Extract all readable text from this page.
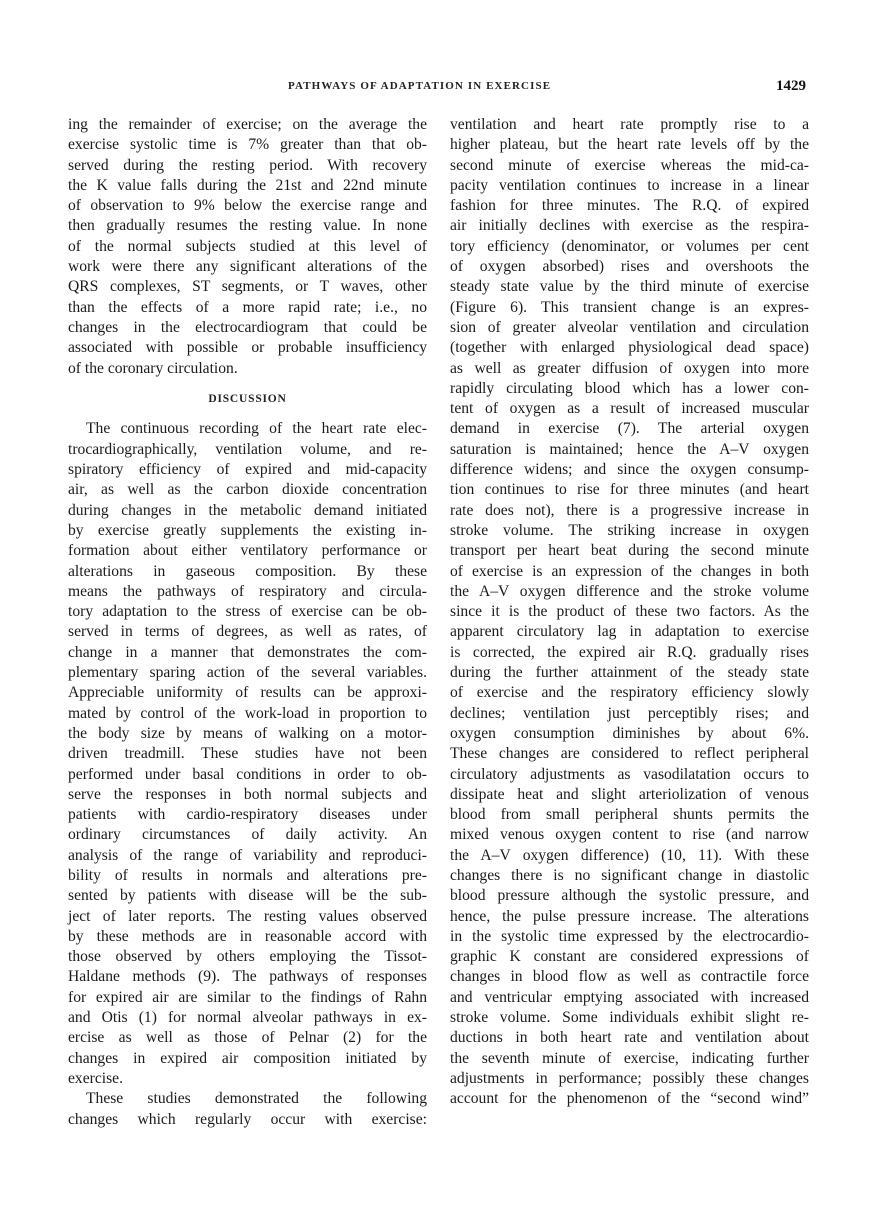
PATHWAYS OF ADAPTATION IN EXERCISE	1429
ing the remainder of exercise; on the average the
exercise systolic time is 7% greater than that ob-
served during the resting period. With recovery
the K value falls during the 21st and 22nd minute
of observation to 9% below the exercise range and
then gradually resumes the resting value. In none
of the normal subjects studied at this level of
work were there any significant alterations of the
QRS complexes, ST segments, or T waves, other
than the effects of a more rapid rate; i.e., no
changes in the electrocardiogram that could be
associated with possible or probable insufficiency
of the coronary circulation.
DISCUSSION
The continuous recording of the heart rate elec-
trocardiographically, ventilation volume, and re-
spiratory efficiency of expired and mid-capacity
air, as well as the carbon dioxide concentration
during changes in the metabolic demand initiated
by exercise greatly supplements the existing in-
formation about either ventilatory performance or
alterations in gaseous composition. By these
means the pathways of respiratory and circula-
tory adaptation to the stress of exercise can be ob-
served in terms of degrees, as well as rates, of
change in a manner that demonstrates the com-
plementary sparing action of the several variables.
Appreciable uniformity of results can be approxi-
mated by control of the work-load in proportion to
the body size by means of walking on a motor-
driven treadmill. These studies have not been
performed under basal conditions in order to ob-
serve the responses in both normal subjects and
patients with cardio-respiratory diseases under
ordinary circumstances of daily activity. An
analysis of the range of variability and reproduci-
bility of results in normals and alterations pre-
sented by patients with disease will be the sub-
ject of later reports. The resting values observed
by these methods are in reasonable accord with
those observed by others employing the Tissot-
Haldane methods (9). The pathways of responses
for expired air are similar to the findings of Rahn
and Otis (1) for normal alveolar pathways in ex-
ercise as well as those of Pelnar (2) for the
changes in expired air composition initiated by
exercise.
These studies demonstrated the following
changes which regularly occur with exercise:
ventilation and heart rate promptly rise to a
higher plateau, but the heart rate levels off by the
second minute of exercise whereas the mid-ca-
pacity ventilation continues to increase in a linear
fashion for three minutes. The R.Q. of expired
air initially declines with exercise as the respira-
tory efficiency (denominator, or volumes per cent
of oxygen absorbed) rises and overshoots the
steady state value by the third minute of exercise
(Figure 6). This transient change is an expres-
sion of greater alveolar ventilation and circulation
(together with enlarged physiological dead space)
as well as greater diffusion of oxygen into more
rapidly circulating blood which has a lower con-
tent of oxygen as a result of increased muscular
demand in exercise (7). The arterial oxygen
saturation is maintained; hence the A–V oxygen
difference widens; and since the oxygen consump-
tion continues to rise for three minutes (and heart
rate does not), there is a progressive increase in
stroke volume. The striking increase in oxygen
transport per heart beat during the second minute
of exercise is an expression of the changes in both
the A–V oxygen difference and the stroke volume
since it is the product of these two factors. As the
apparent circulatory lag in adaptation to exercise
is corrected, the expired air R.Q. gradually rises
during the further attainment of the steady state
of exercise and the respiratory efficiency slowly
declines; ventilation just perceptibly rises; and
oxygen consumption diminishes by about 6%.
These changes are considered to reflect peripheral
circulatory adjustments as vasodilatation occurs to
dissipate heat and slight arteriolization of venous
blood from small peripheral shunts permits the
mixed venous oxygen content to rise (and narrow
the A–V oxygen difference) (10, 11). With these
changes there is no significant change in diastolic
blood pressure although the systolic pressure, and
hence, the pulse pressure increase. The alterations
in the systolic time expressed by the electrocardio-
graphic K constant are considered expressions of
changes in blood flow as well as contractile force
and ventricular emptying associated with increased
stroke volume. Some individuals exhibit slight re-
ductions in both heart rate and ventilation about
the seventh minute of exercise, indicating further
adjustments in performance; possibly these changes
account for the phenomenon of the “second wind”
